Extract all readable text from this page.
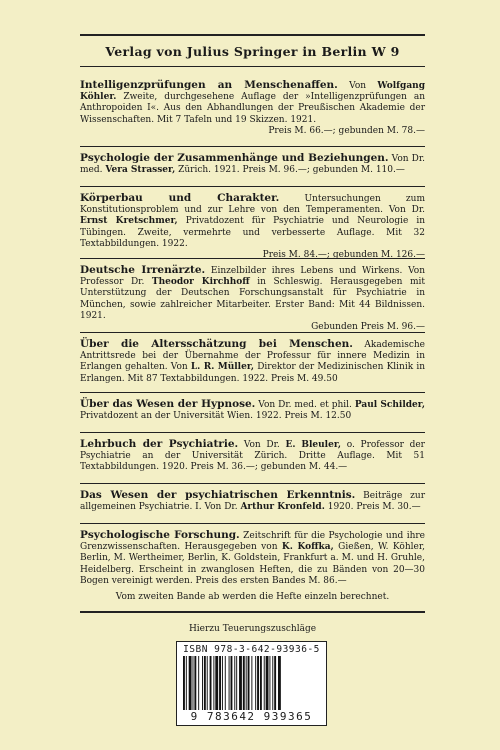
Verlag von Julius Springer in Berlin W 9

Intelligenzprüfungen an Menschenaffen. Von Wolfgang Köhler. Zweite, durchgesehene Auflage der »Intelligenzprüfungen an Anthropoiden I«. Aus den Abhandlungen der Preußischen Akademie der Wissenschaften. Mit 7 Tafeln und 19 Skizzen. 1921.

Preis M. 66.—; gebunden M. 78.—

Psychologie der Zusammenhänge und Beziehungen. Von Dr. med. Vera Strasser, Zürich. 1921. Preis M. 96.—; gebunden M. 110.—

Körperbau und Charakter. Untersuchungen zum Konstitutionsproblem und zur Lehre von den Temperamenten. Von Dr. Ernst Kretschmer, Privatdozent für Psychiatrie und Neurologie in Tübingen. Zweite, vermehrte und verbesserte Auflage. Mit 32 Textabbildungen. 1922.

Preis M. 84.—; gebunden M. 126.—

Deutsche Irrenärzte. Einzelbilder ihres Lebens und Wirkens. Von Professor Dr. Theodor Kirchhoff in Schleswig. Herausgegeben mit Unterstützung der Deutschen Forschungsanstalt für Psychiatrie in München, sowie zahlreicher Mitarbeiter. Erster Band: Mit 44 Bildnissen. 1921.

Gebunden Preis M. 96.—

Über die Altersschätzung bei Menschen. Akademische Antrittsrede bei der Übernahme der Professur für innere Medizin in Erlangen gehalten. Von L. R. Müller, Direktor der Medizinischen Klinik in Erlangen. Mit 87 Textabbildungen. 1922. Preis M. 49.50

Über das Wesen der Hypnose. Von Dr. med. et phil. Paul Schilder, Privatdozent an der Universität Wien. 1922. Preis M. 12.50

Lehrbuch der Psychiatrie. Von Dr. E. Bleuler, o. Professor der Psychiatrie an der Universität Zürich. Dritte Auflage. Mit 51 Textabbildungen. 1920. Preis M. 36.—; gebunden M. 44.—

Das Wesen der psychiatrischen Erkenntnis. Beiträge zur allgemeinen Psychiatrie. I. Von Dr. Arthur Kronfeld. 1920. Preis M. 30.—

Psychologische Forschung. Zeitschrift für die Psychologie und ihre Grenzwissenschaften. Herausgegeben von K. Koffka, Gießen, W. Köhler, Berlin, M. Wertheimer, Berlin, K. Goldstein, Frankfurt a. M. und H. Gruhle, Heidelberg. Erscheint in zwanglosen Heften, die zu Bänden von 20—30 Bogen vereinigt werden. Preis des ersten Bandes M. 86.—

Vom zweiten Bande ab werden die Hefte einzeln berechnet.
Hierzu Teuerungszuschläge
ISBN 978-3-642-93936-5
9 783642 939365
